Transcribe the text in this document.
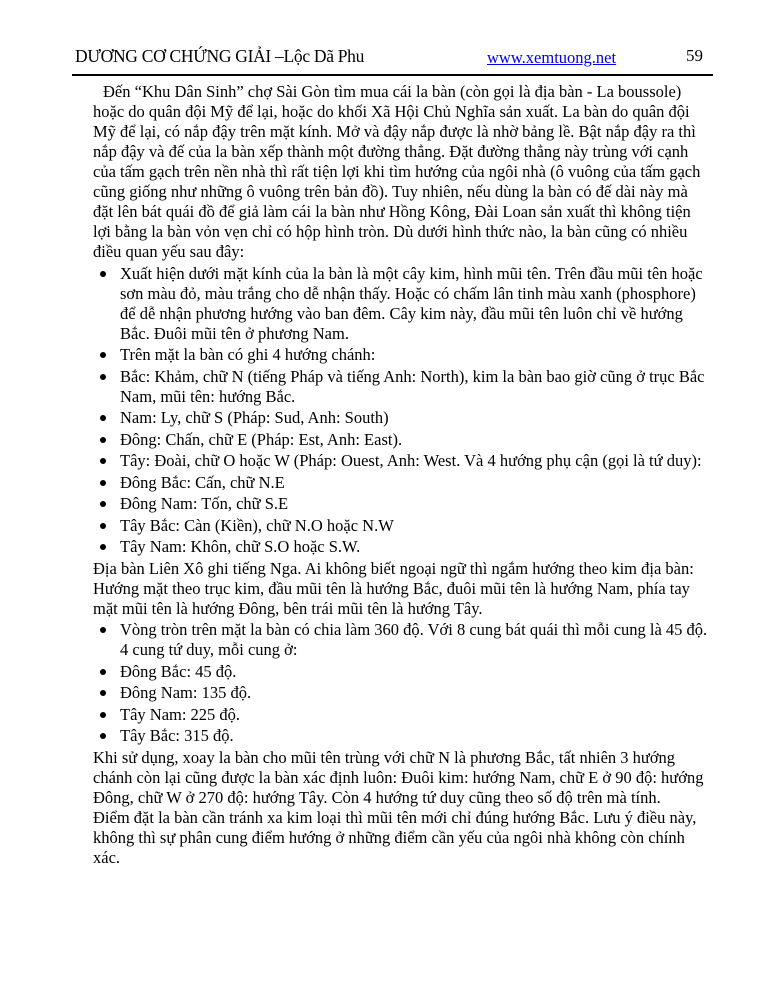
DƯƠNG CƠ CHỨNG GIẢI –Lộc Dã Phu	www.xemtuong.net	59

Đến “Khu Dân Sinh” chợ Sài Gòn tìm mua cái la bàn (còn gọi là địa bàn - La boussole) hoặc do quân đội Mỹ để lại, hoặc do khối Xã Hội Chủ Nghĩa sản xuất. La bàn do quân đội Mỹ để lại, có nắp đậy trên mặt kính. Mở và đậy nắp được là nhờ bảng lề. Bật nắp đậy ra thì nắp đậy và đế của la bàn xếp thành một đường thẳng. Đặt đường thẳng này trùng với cạnh của tấm gạch trên nền nhà thì rất tiện lợi khi tìm hướng của ngôi nhà (ô vuông của tấm gạch cũng giống như những ô vuông trên bản đồ). Tuy nhiên, nếu dùng la bàn có đế dài này mà đặt lên bát quái đồ để giả làm cái la bàn như Hồng Kông, Đài Loan sản xuất thì không tiện lợi bằng la bàn vỏn vẹn chỉ có hộp hình tròn. Dù dưới hình thức nào, la bàn cũng có nhiều điều quan yếu sau đây:

Xuất hiện dưới mặt kính của la bàn là một cây kim, hình mũi tên. Trên đầu mũi tên hoặc sơn màu đỏ, màu trắng cho dễ nhận thấy. Hoặc có chấm lân tinh màu xanh (phosphore) để dễ nhận phương hướng vào ban đêm. Cây kim này, đầu mũi tên luôn chỉ về hướng Bắc. Đuôi mũi tên ở phương Nam.
Trên mặt la bàn có ghi 4 hướng chánh:
Bắc: Khảm, chữ N (tiếng Pháp và tiếng Anh: North), kim la bàn bao giờ cũng ở trục Bắc Nam, mũi tên: hướng Bắc.
Nam: Ly, chữ S (Pháp: Sud, Anh: South)
Đông: Chấn, chữ E (Pháp: Est, Anh: East).
Tây: Đoài, chữ O hoặc W (Pháp: Ouest, Anh: West. Và 4 hướng phụ cận (gọi là tứ duy):
Đông Bắc: Cấn, chữ N.E
Đông Nam: Tốn, chữ S.E
Tây Bắc: Càn (Kiền), chữ N.O hoặc N.W
Tây Nam: Khôn, chữ S.O hoặc S.W.

Địa bàn Liên Xô ghi tiếng Nga. Ai không biết ngoại ngữ thì ngắm hướng theo kim địa bàn: Hướng mặt theo trục kim, đầu mũi tên là hướng Bắc, đuôi mũi tên là hướng Nam, phía tay mặt mũi tên là hướng Đông, bên trái mũi tên là hướng Tây.

Vòng tròn trên mặt la bàn có chia làm 360 độ. Với 8 cung bát quái thì mỗi cung là 45 độ. 4 cung tứ duy, mỗi cung ở:
Đông Bắc: 45 độ.
Đông Nam: 135 độ.
Tây Nam: 225 độ.
Tây Bắc: 315 độ.

Khi sử dụng, xoay la bàn cho mũi tên trùng với chữ N là phương Bắc, tất nhiên 3 hướng chánh còn lại cũng được la bàn xác định luôn: Đuôi kim: hướng Nam, chữ E ở 90 độ: hướng Đông, chữ W ở 270 độ: hướng Tây. Còn 4 hướng tứ duy cũng theo số độ trên mà tính.

Điểm đặt la bàn cần tránh xa kim loại thì mũi tên mới chỉ đúng hướng Bắc. Lưu ý điều này, không thì sự phân cung điểm hướng ở những điểm cần yếu của ngôi nhà không còn chính xác.
